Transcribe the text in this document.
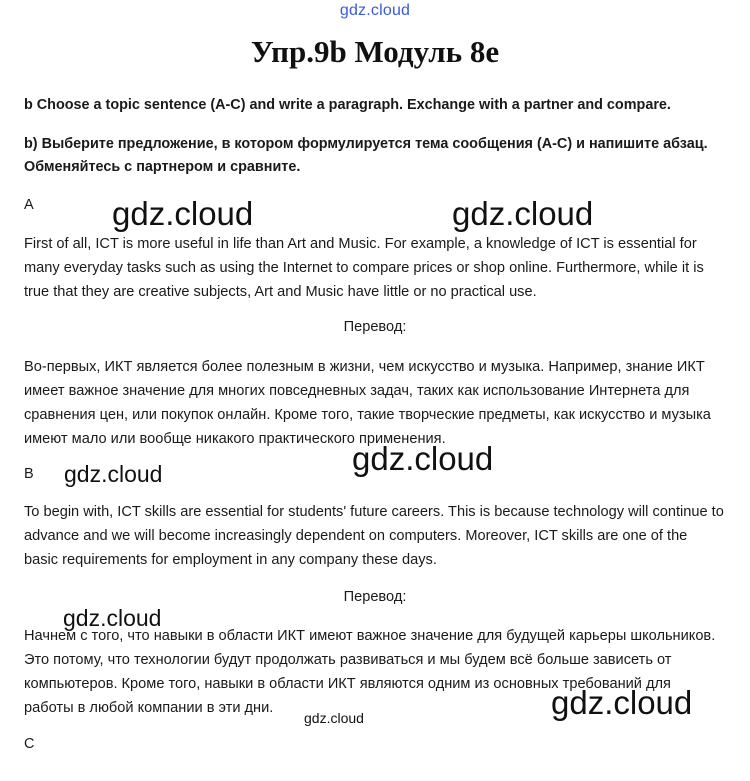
gdz.cloud
Упр.9b Модуль 8e
b Choose a topic sentence (A-C) and write a paragraph. Exchange with a partner and compare.
b) Выберите предложение, в котором формулируется тема сообщения (A-C) и напишите абзац. Обменяйтесь с партнером и сравните.
A

First of all, ICT is more useful in life than Art and Music. For example, a knowledge of ICT is essential for many everyday tasks such as using the Internet to compare prices or shop online. Furthermore, while it is true that they are creative subjects, Art and Music have little or no practical use.

Перевод:

Во-первых, ИКТ является более полезным в жизни, чем искусство и музыка. Например, знание ИКТ имеет важное значение для многих повседневных задач, таких как использование Интернета для сравнения цен, или покупок онлайн. Кроме того, такие творческие предметы, как искусство и музыка имеют мало или вообще никакого практического применения.

B

To begin with, ICT skills are essential for students' future careers. This is because technology will continue to advance and we will become increasingly dependent on computers. Moreover, ICT skills are one of the basic requirements for employment in any company these days.

Перевод:

Начнем с того, что навыки в области ИКТ имеют важное значение для будущей карьеры школьников. Это потому, что технологии будут продолжать развиваться и мы будем всё больше зависеть от компьютеров. Кроме того, навыки в области ИКТ являются одним из основных требований для работы в любой компании в эти дни.

C
gdz.cloud	gdz.cloud
gdz.cloud
gdz.cloud
gdz.cloud
gdz.cloud
gdz.cloud
